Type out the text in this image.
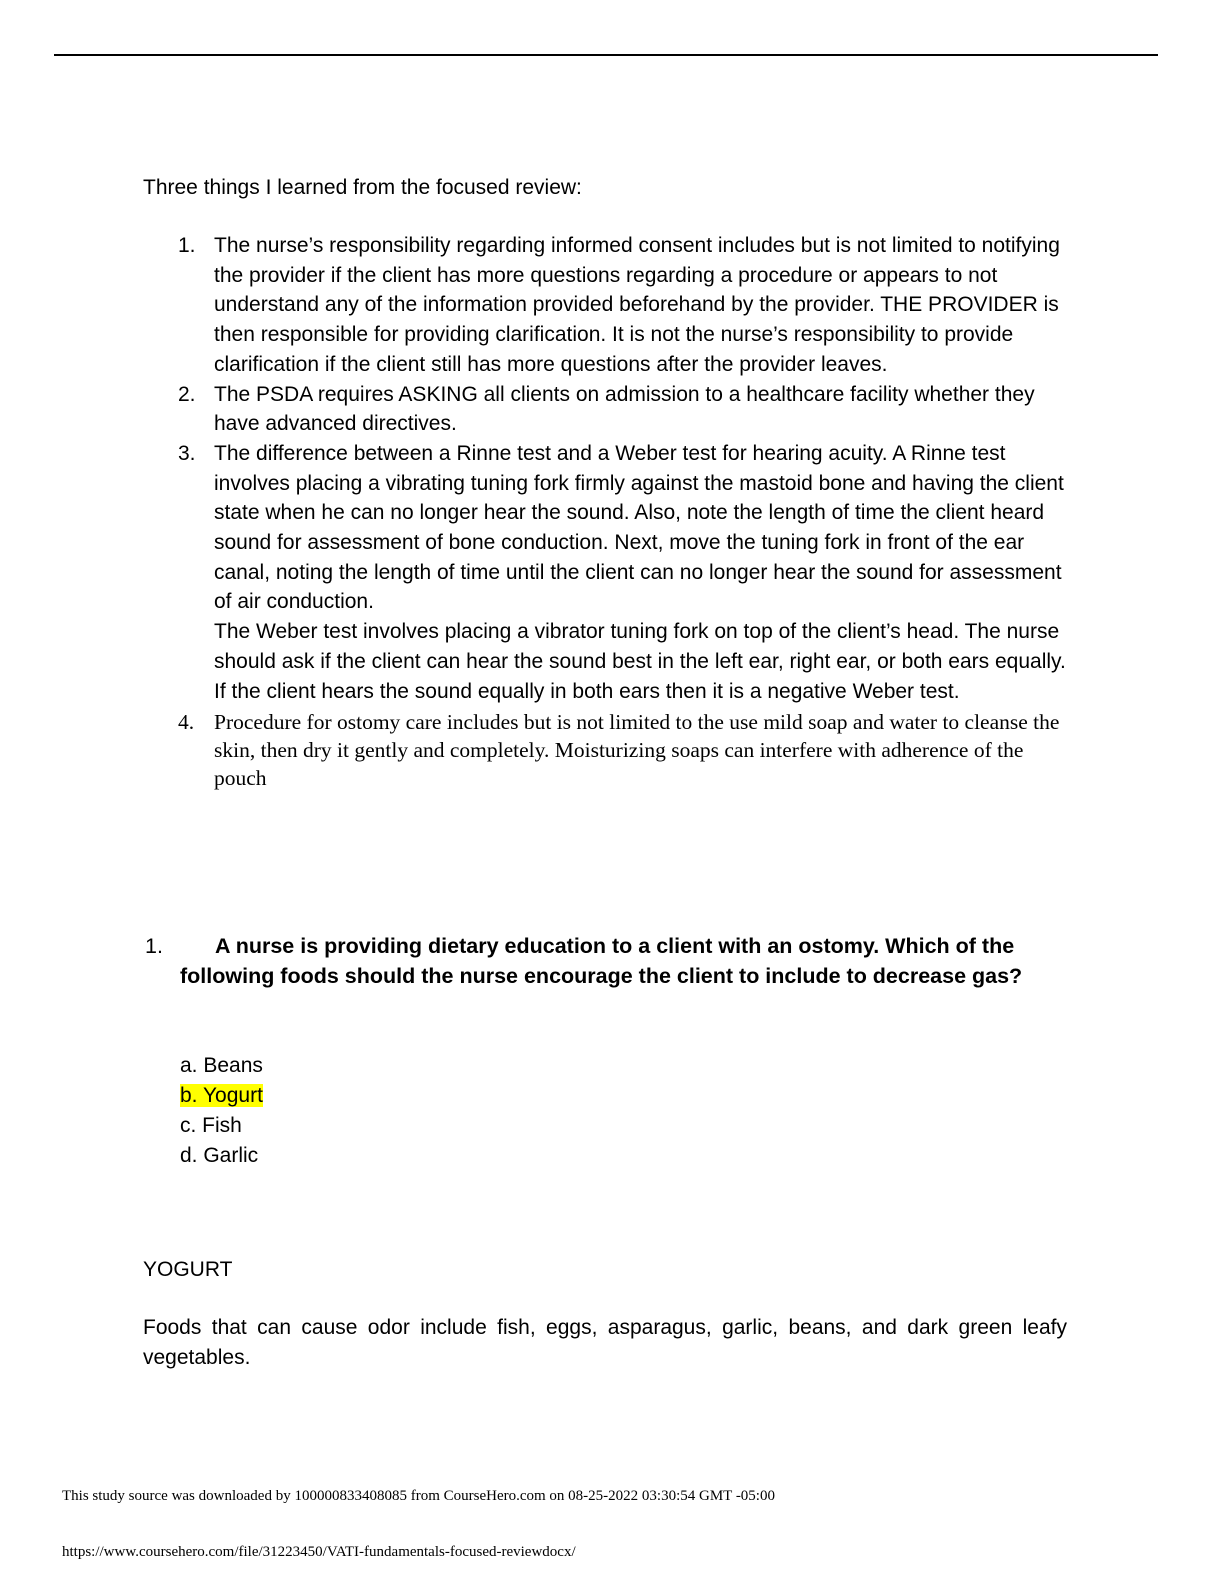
Three things I learned from the focused review:

1. The nurse’s responsibility regarding informed consent includes but is not limited to notifying the provider if the client has more questions regarding a procedure or appears to not understand any of the information provided beforehand by the provider. THE PROVIDER is then responsible for providing clarification. It is not the nurse’s responsibility to provide clarification if the client still has more questions after the provider leaves.

2. The PSDA requires ASKING all clients on admission to a healthcare facility whether they have advanced directives.

3. The difference between a Rinne test and a Weber test for hearing acuity. A Rinne test involves placing a vibrating tuning fork firmly against the mastoid bone and having the client state when he can no longer hear the sound. Also, note the length of time the client heard sound for assessment of bone conduction. Next, move the tuning fork in front of the ear canal, noting the length of time until the client can no longer hear the sound for assessment of air conduction.

The Weber test involves placing a vibrator tuning fork on top of the client’s head. The nurse should ask if the client can hear the sound best in the left ear, right ear, or both ears equally. If the client hears the sound equally in both ears then it is a negative Weber test.

4. Procedure for ostomy care includes but is not limited to the use mild soap and water to cleanse the skin, then dry it gently and completely. Moisturizing soaps can interfere with adherence of the pouch

1.	A nurse is providing dietary education to a client with an ostomy. Which of the following foods should the nurse encourage the client to include to decrease gas?
a. Beans
b. Yogurt
c. Fish
d. Garlic

YOGURT

Foods that can cause odor include fish, eggs, asparagus, garlic, beans, and dark green leafy vegetables.

This study source was downloaded by 100000833408085 from CourseHero.com on 08-25-2022 03:30:54 GMT -05:00

https://www.coursehero.com/file/31223450/VATI-fundamentals-focused-reviewdocx/
